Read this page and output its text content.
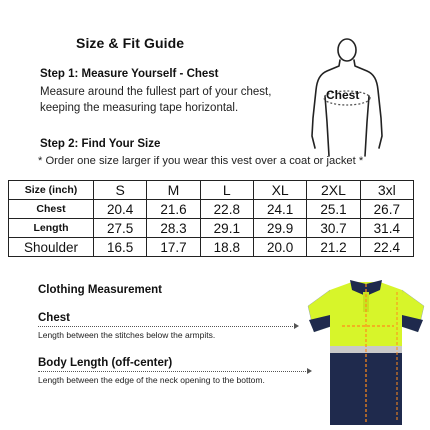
Size & Fit Guide
Step 1: Measure Yourself - Chest
Measure around the fullest part of your chest,
keeping the measuring tape horizontal.
Chest
Step 2: Find Your Size
* Order one size larger if you wear this vest over a coat or jacket *
Size (inch)	S	M	L	XL	2XL	3xl
Chest	20.4	21.6	22.8	24.1	25.1	26.7
Length	27.5	28.3	29.1	29.9	30.7	31.4
Shoulder	16.5	17.7	18.8	20.0	21.2	22.4
Clothing Measurement
Chest
Length between the stitches below the armpits.
Body Length (off-center)
Length between the edge of the neck opening to the bottom.
